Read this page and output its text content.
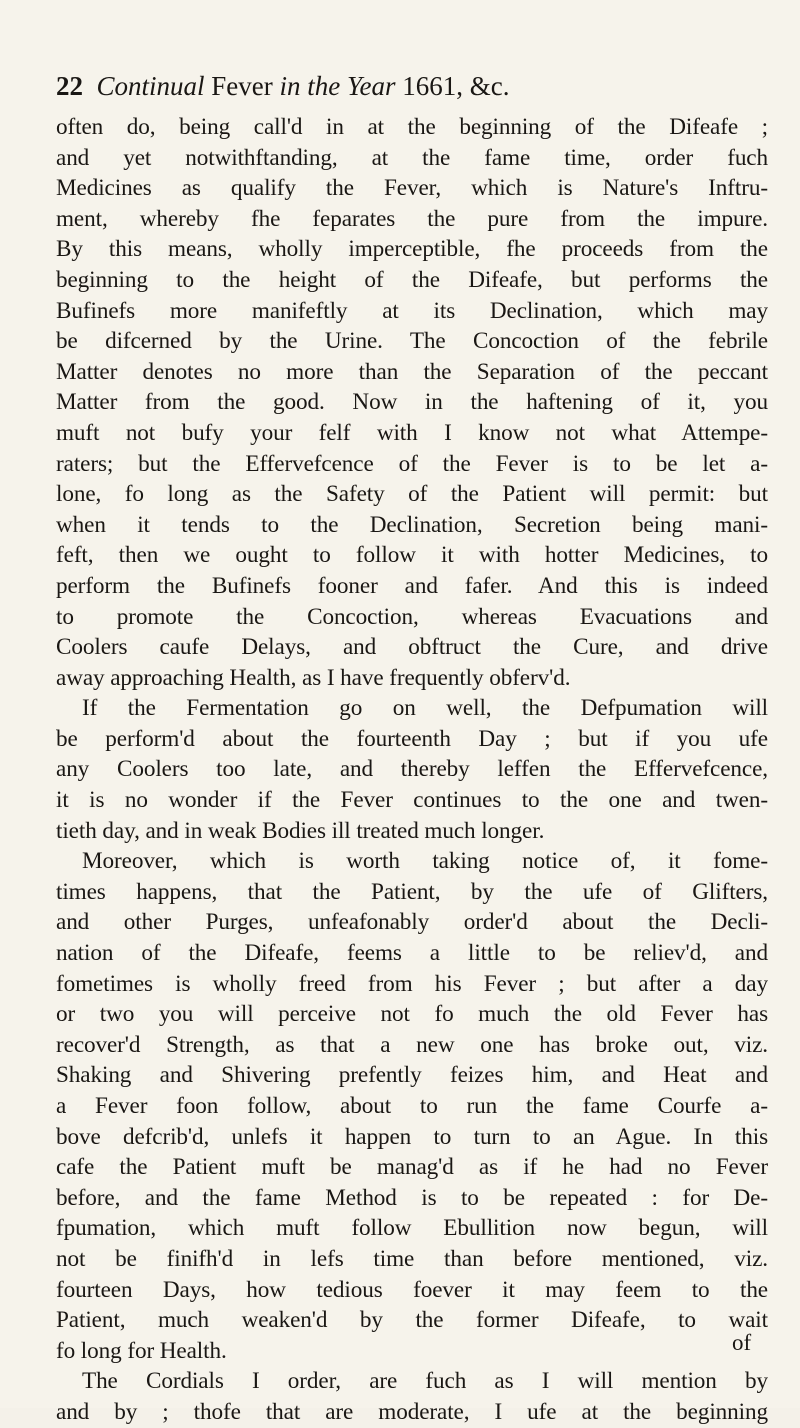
22 Continual Fever in the Year 1661, &c.
often do, being call'd in at the beginning of the Difeafe ;
and yet notwithftanding, at the fame time, order fuch
Medicines as qualify the Fever, which is Nature's Inftru-
ment, whereby fhe feparates the pure from the impure.
By this means, wholly imperceptible, fhe proceeds from the
beginning to the height of the Difeafe, but performs the
Bufinefs more manifeftly at its Declination, which may
be difcerned by the Urine. The Concoction of the febrile
Matter denotes no more than the Separation of the peccant
Matter from the good. Now in the haftening of it, you
muft not bufy your felf with I know not what Attempe-
raters; but the Effervefcence of the Fever is to be let a-
lone, fo long as the Safety of the Patient will permit: but
when it tends to the Declination, Secretion being mani-
feft, then we ought to follow it with hotter Medicines, to
perform the Bufinefs fooner and fafer. And this is indeed
to promote the Concoction, whereas Evacuations and
Coolers caufe Delays, and obftruct the Cure, and drive
away approaching Health, as I have frequently obferv'd.
If the Fermentation go on well, the Defpumation will
be perform'd about the fourteenth Day ; but if you ufe
any Coolers too late, and thereby leffen the Effervefcence,
it is no wonder if the Fever continues to the one and twen-
tieth day, and in weak Bodies ill treated much longer.
Moreover, which is worth taking notice of, it fome-
times happens, that the Patient, by the ufe of Glifters,
and other Purges, unfeafonably order'd about the Decli-
nation of the Difeafe, feems a little to be reliev'd, and
fometimes is wholly freed from his Fever ; but after a day
or two you will perceive not fo much the old Fever has
recover'd Strength, as that a new one has broke out, viz.
Shaking and Shivering prefently feizes him, and Heat and
a Fever foon follow, about to run the fame Courfe a-
bove defcrib'd, unlefs it happen to turn to an Ague. In this
cafe the Patient muft be manag'd as if he had no Fever
before, and the fame Method is to be repeated : for De-
fpumation, which muft follow Ebullition now begun, will
not be finifh'd in lefs time than before mentioned, viz.
fourteen Days, how tedious foever it may feem to the
Patient, much weaken'd by the former Difeafe, to wait
fo long for Health.
The Cordials I order, are fuch as I will mention by
and by ; thofe that are moderate, I ufe at the beginning
of
